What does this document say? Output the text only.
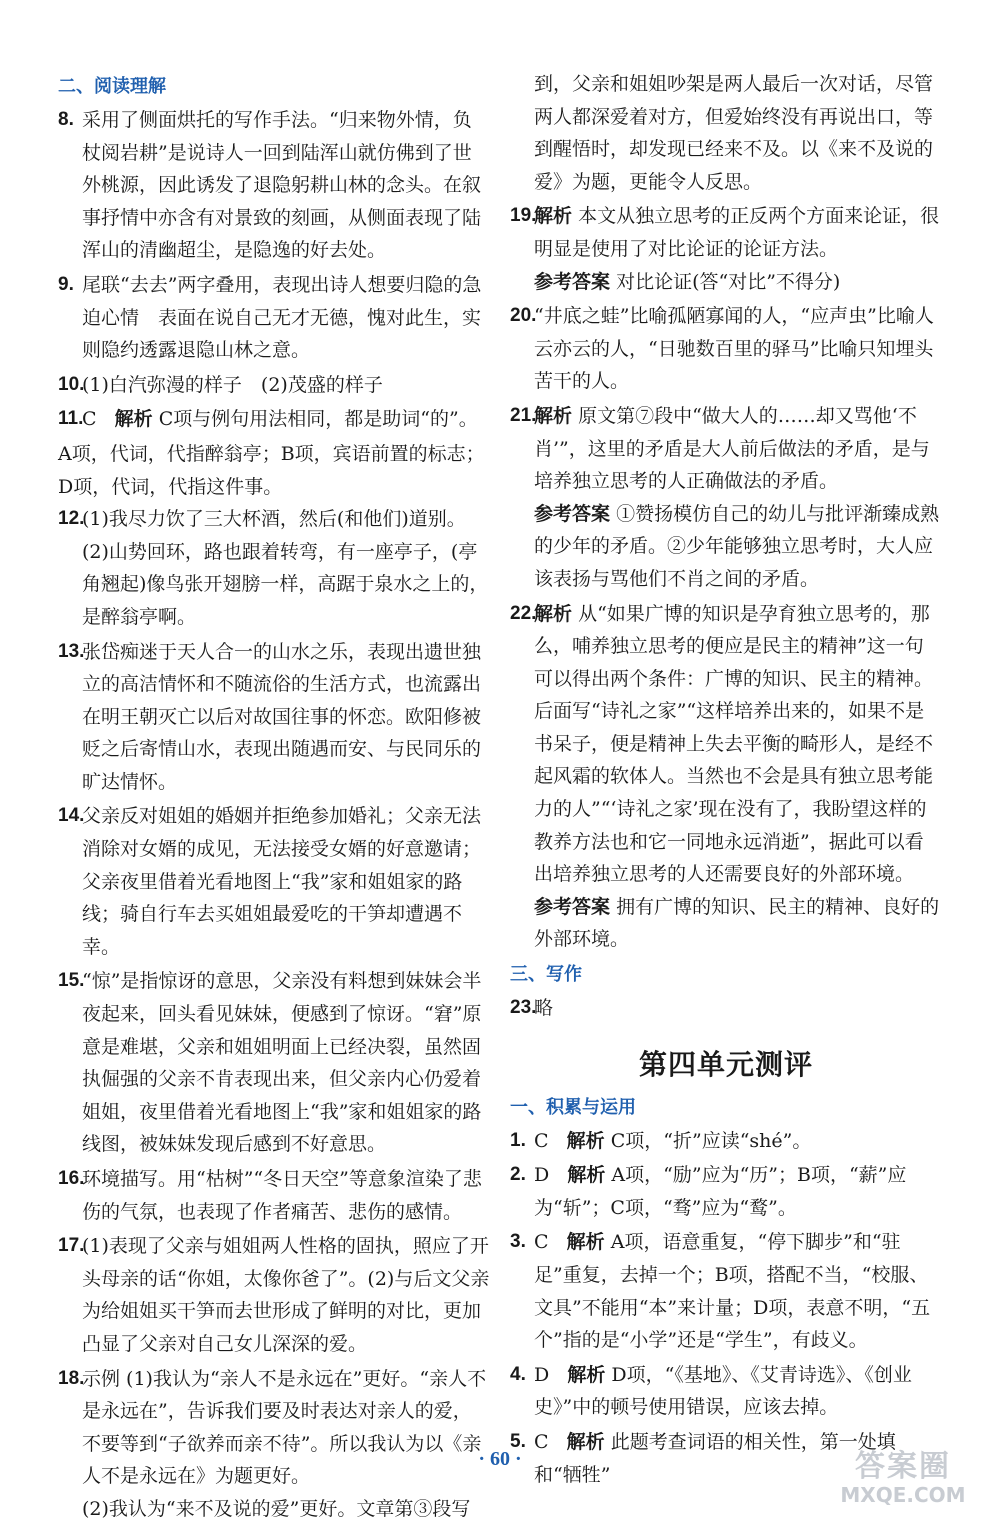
二、阅读理解
8. 采用了侧面烘托的写作手法。“归来物外情，负杖阅岩耕”是说诗人一回到陆浑山就仿佛到了世外桃源，因此诱发了退隐躬耕山林的念头。在叙事抒情中亦含有对景致的刻画，从侧面表现了陆浑山的清幽超尘，是隐逸的好去处。

9. 尾联“去去”两字叠用，表现出诗人想要归隐的急迫心情　表面在说自己无才无德，愧对此生，实则隐约透露退隐山林之意。

10.

(1)白汽弥漫的样子　(2)茂盛的样子

11.

C 解析 C项与例句用法相同，都是助词“的”。

A项，代词，代指醉翁亭；B项，宾语前置的标志；D项，代词，代指这件事。

12.

(1)我尽力饮了三大杯酒，然后(和他们)道别。

(2)山势回环，路也跟着转弯，有一座亭子，(亭角翘起)像鸟张开翅膀一样，高踞于泉水之上的，是醉翁亭啊。

13.

张岱痴迷于天人合一的山水之乐，表现出遗世独立的高洁情怀和不随流俗的生活方式，也流露出在明王朝灭亡以后对故国往事的怀恋。欧阳修被贬之后寄情山水，表现出随遇而安、与民同乐的旷达情怀。

14.

父亲反对姐姐的婚姻并拒绝参加婚礼；父亲无法消除对女婿的成见，无法接受女婿的好意邀请；父亲夜里借着光看地图上“我”家和姐姐家的路线；骑自行车去买姐姐最爱吃的干笋却遭遇不幸。

15.

“惊”是指惊讶的意思，父亲没有料想到妹妹会半夜起来，回头看见妹妹，便感到了惊讶。“窘”原意是难堪，父亲和姐姐明面上已经决裂，虽然固执倔强的父亲不肯表现出来，但父亲内心仍爱着姐姐，夜里借着光看地图上“我”家和姐姐家的路线图，被妹妹发现后感到不好意思。

16.

环境描写。用“枯树”“冬日天空”等意象渲染了悲伤的气氛，也表现了作者痛苦、悲伤的感情。

17.

(1)表现了父亲与姐姐两人性格的固执，照应了开头母亲的话“你姐，太像你爸了”。(2)与后文父亲为给姐姐买干笋而去世形成了鲜明的对比，更加凸显了父亲对自己女儿深深的爱。

18.

示例 (1)我认为“亲人不是永远在”更好。“亲人不是永远在”，告诉我们要及时表达对亲人的爱，不要等到“子欲养而亲不待”。所以我认为以《亲人不是永远在》为题更好。

(2)我认为“来不及说的爱”更好。文章第③段写

到，父亲和姐姐吵架是两人最后一次对话，尽管两人都深爱着对方，但爱始终没有再说出口，等到醒悟时，却发现已经来不及。以《来不及说的爱》为题，更能令人反思。

19.

解析 本文从独立思考的正反两个方面来论证，很明显是使用了对比论证的论证方法。

参考答案 对比论证(答“对比”不得分)

20.

“井底之蛙”比喻孤陋寡闻的人，“应声虫”比喻人云亦云的人，“日驰数百里的驿马”比喻只知埋头苦干的人。

21.

解析 原文第⑦段中“做大人的……却又骂他‘不肖’”，这里的矛盾是大人前后做法的矛盾，是与培养独立思考的人正确做法的矛盾。

参考答案 ①赞扬模仿自己的幼儿与批评渐臻成熟的少年的矛盾。②少年能够独立思考时，大人应该表扬与骂他们不肖之间的矛盾。

22.

解析 从“如果广博的知识是孕育独立思考的，那么，哺养独立思考的便应是民主的精神”这一句可以得出两个条件：广博的知识、民主的精神。后面写“诗礼之家”“这样培养出来的，如果不是书呆子，便是精神上失去平衡的畸形人，是经不起风霜的软体人。当然也不会是具有独立思考能力的人”“‘诗礼之家’现在没有了，我盼望这样的教养方法也和它一同地永远消逝”，据此可以看出培养独立思考的人还需要良好的外部环境。

参考答案 拥有广博的知识、民主的精神、良好的外部环境。

三、写作
23.

略

第四单元测评
一、积累与运用
1. C 解析 C项，“折”应读“shé”。

2. D 解析 A项，“励”应为“历”；B项，“薪”应为“斩”；C项，“骛”应为“鹜”。

3. C 解析 A项，语意重复，“停下脚步”和“驻足”重复，去掉一个；B项，搭配不当，“校服、文具”不能用“本”来计量；D项，表意不明，“五个”指的是“小学”还是“学生”，有歧义。

4. D 解析 D项，“《基地》、《艾青诗选》、《创业史》”中的顿号使用错误，应该去掉。

5. C 解析 此题考查词语的相关性，第一处填和“牺牲”

· 60 ·	答案圈
MXQE.COM
